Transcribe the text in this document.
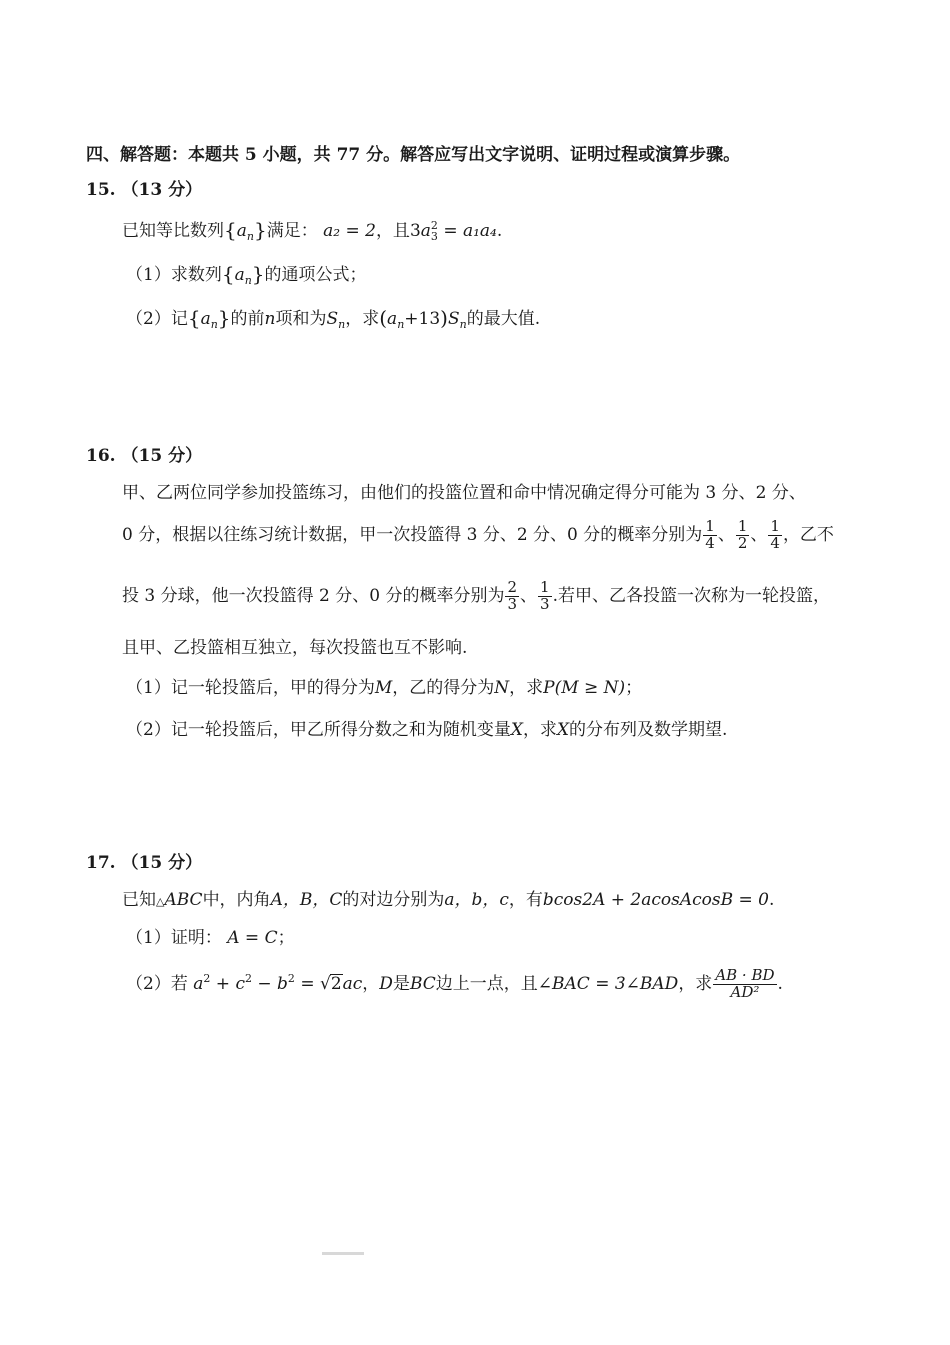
四、解答题：本题共 5 小题，共 77 分。解答应写出文字说明、证明过程或演算步骤。
15. （13 分）
已知等比数列$\{a_n\}$满足： a₂ = 2，且$3a^2_3 = a_1a_4$.
（1）求数列$\{a_n\}$的通项公式；
（2）记$\{a_n\}$的前n项和为$S_n$，求$(a_n+13)S_n$的最大值.
16. （15 分）
甲、乙两位同学参加投篮练习，由他们的投篮位置和命中情况确定得分可能为 3 分、2 分、
0 分，根据以往练习统计数据，甲一次投篮得 3 分、2 分、0 分的概率分别为 $\frac{1}{4}$ 、 $\frac{1}{2}$ 、 $\frac{1}{4}$ ，乙不
投 3 分球，他一次投篮得 2 分、0 分的概率分别为 $\frac{2}{3}$ 、 $\frac{1}{3}$ .若甲、乙各投篮一次称为一轮投篮，
且甲、乙投篮相互独立，每次投篮也互不影响.
（1）记一轮投篮后，甲的得分为M，乙的得分为N，求P(M ≥ N)；
（2）记一轮投篮后，甲乙所得分数之和为随机变量X，求X的分布列及数学期望.
17. （15 分）
已知△ABC中，内角A，B，C的对边分别为a，b，c，有bcos2A + 2acosAcosB = 0.
（1）证明： A = C；
（2）若 $a^2 + c^2 - b^2 = √2ac$，D是BC边上一点，且∠BAC = 3∠BAD，求 $\frac{AB \cdot BD}{\text{AD²}}$ .
